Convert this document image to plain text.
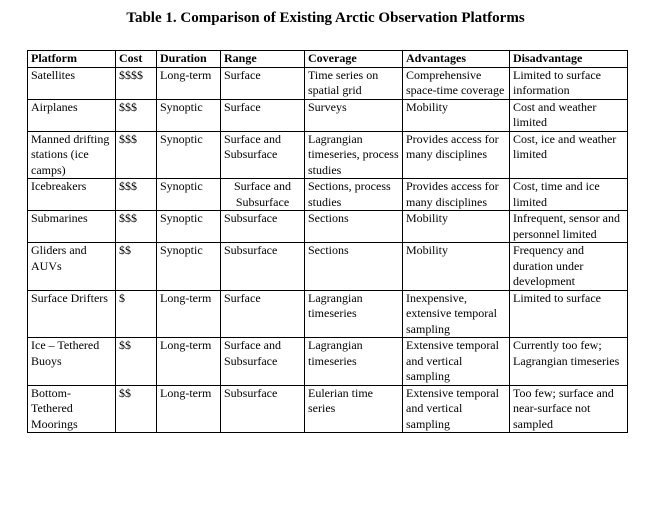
Table 1. Comparison of Existing Arctic Observation Platforms
Platform	Cost	Duration	Range	Coverage	Advantages	Disadvantage
Satellites	$$$$	Long-term	Surface	Time series on spatial grid	Comprehensive space-time coverage	Limited to surface information
Airplanes	$$$	Synoptic	Surface	Surveys	Mobility	Cost and weather limited
Manned drifting stations (ice camps)	$$$	Synoptic	Surface and Subsurface	Lagrangian timeseries, process studies	Provides access for many disciplines	Cost, ice and weather limited
Icebreakers	$$$	Synoptic	Surface and Subsurface	Sections, process studies	Provides access for many disciplines	Cost, time and ice limited
Submarines	$$$	Synoptic	Subsurface	Sections	Mobility	Infrequent, sensor and personnel limited
Gliders and AUVs	$$	Synoptic	Subsurface	Sections	Mobility	Frequency and duration under development
Surface Drifters	$	Long-term	Surface	Lagrangian timeseries	Inexpensive, extensive temporal sampling	Limited to surface
Ice – Tethered Buoys	$$	Long-term	Surface and Subsurface	Lagrangian timeseries	Extensive temporal and vertical sampling	Currently too few; Lagrangian timeseries
Bottom-Tethered Moorings	$$	Long-term	Subsurface	Eulerian time series	Extensive temporal and vertical sampling	Too few; surface and near-surface not sampled
